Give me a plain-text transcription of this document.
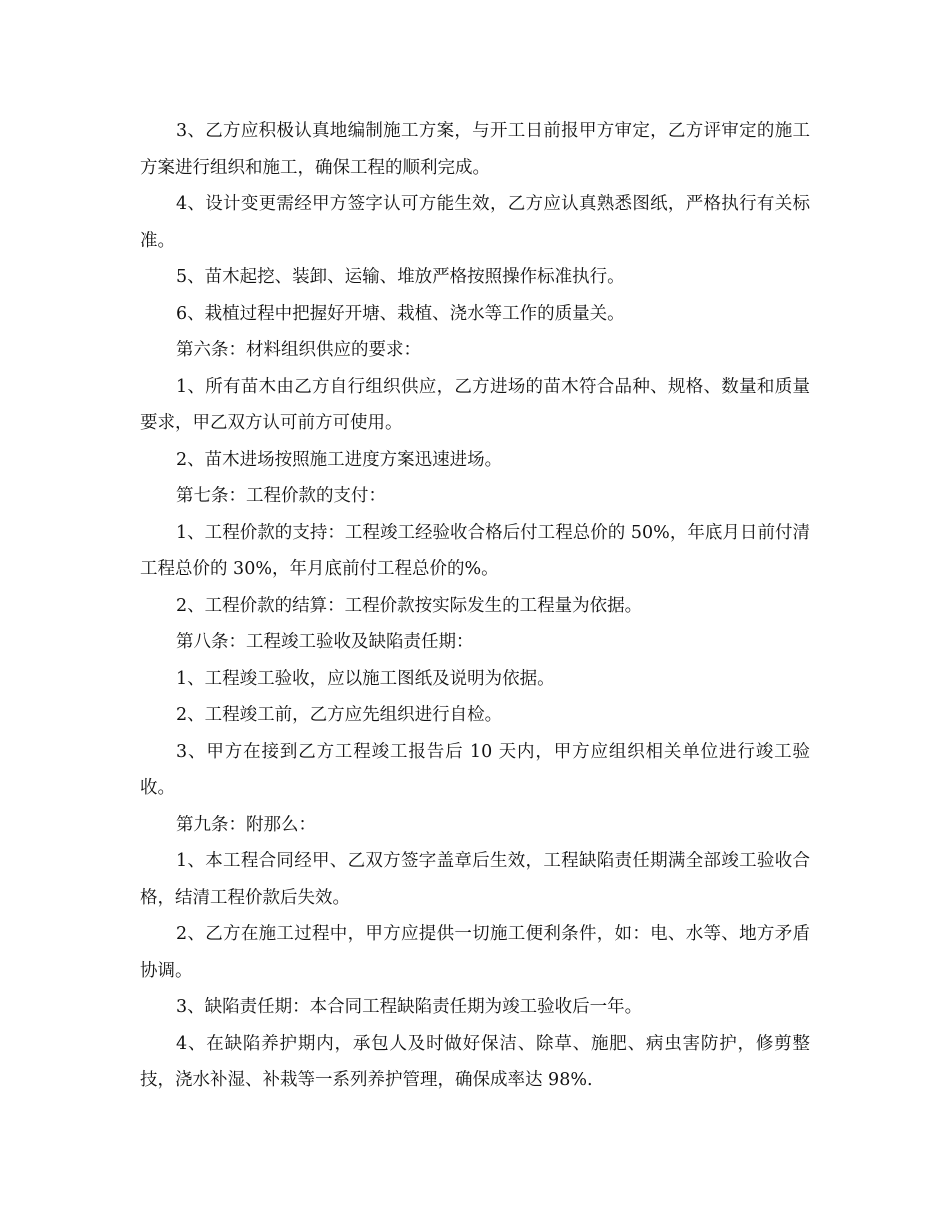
3、乙方应积极认真地编制施工方案，与开工日前报甲方审定，乙方评审定的施工方案进行组织和施工，确保工程的顺利完成。

4、设计变更需经甲方签字认可方能生效，乙方应认真熟悉图纸，严格执行有关标准。

5、苗木起挖、装卸、运输、堆放严格按照操作标准执行。

6、栽植过程中把握好开塘、栽植、浇水等工作的质量关。

第六条：材料组织供应的要求：

1、所有苗木由乙方自行组织供应，乙方进场的苗木符合品种、规格、数量和质量要求，甲乙双方认可前方可使用。

2、苗木进场按照施工进度方案迅速进场。

第七条：工程价款的支付：

1、工程价款的支持：工程竣工经验收合格后付工程总价的 50%，年底月日前付清工程总价的 30%，年月底前付工程总价的%。

2、工程价款的结算：工程价款按实际发生的工程量为依据。

第八条：工程竣工验收及缺陷责任期：

1、工程竣工验收，应以施工图纸及说明为依据。

2、工程竣工前，乙方应先组织进行自检。

3、甲方在接到乙方工程竣工报告后 10 天内，甲方应组织相关单位进行竣工验收。

第九条：附那么：

1、本工程合同经甲、乙双方签字盖章后生效，工程缺陷责任期满全部竣工验收合格，结清工程价款后失效。

2、乙方在施工过程中，甲方应提供一切施工便利条件，如：电、水等、地方矛盾协调。

3、缺陷责任期：本合同工程缺陷责任期为竣工验收后一年。

4、在缺陷养护期内，承包人及时做好保洁、除草、施肥、病虫害防护，修剪整技，浇水补湿、补栽等一系列养护管理，确保成率达 98%.
